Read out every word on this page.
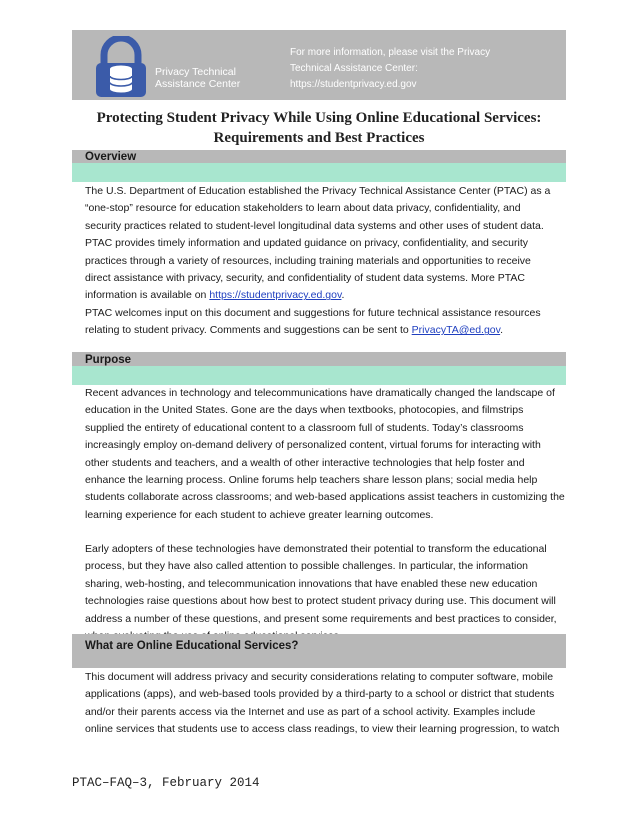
Privacy Technical
Assistance Center
For more information, please visit the Privacy
Technical Assistance Center:
https://studentprivacy.ed.gov
Protecting Student Privacy While Using Online Educational Services:
Requirements and Best Practices
Overview

The U.S. Department of Education established the Privacy Technical Assistance Center (PTAC) as a
“one-stop” resource for education stakeholders to learn about data privacy, confidentiality, and
security practices related to student-level longitudinal data systems and other uses of student data.
PTAC provides timely information and updated guidance on privacy, confidentiality, and security
practices through a variety of resources, including training materials and opportunities to receive
direct assistance with privacy, security, and confidentiality of student data systems. More PTAC
information is available on https://studentprivacy.ed.gov.

PTAC welcomes input on this document and suggestions for future technical assistance resources
relating to student privacy. Comments and suggestions can be sent to PrivacyTA@ed.gov.

Purpose

Recent advances in technology and telecommunications have dramatically changed the landscape of
education in the United States. Gone are the days when textbooks, photocopies, and filmstrips
supplied the entirety of educational content to a classroom full of students. Today’s classrooms
increasingly employ on-demand delivery of personalized content, virtual forums for interacting with
other students and teachers, and a wealth of other interactive technologies that help foster and
enhance the learning process. Online forums help teachers share lesson plans; social media help
students collaborate across classrooms; and web-based applications assist teachers in customizing the
learning experience for each student to achieve greater learning outcomes.

Early adopters of these technologies have demonstrated their potential to transform the educational
process, but they have also called attention to possible challenges. In particular, the information
sharing, web-hosting, and telecommunication innovations that have enabled these new education
technologies raise questions about how best to protect student privacy during use. This document will
address a number of these questions, and present some requirements and best practices to consider,

What are Online Educational Services?

This document will address privacy and security considerations relating to computer software, mobile
applications (apps), and web-based tools provided by a third-party to a school or district that students
and/or their parents access via the Internet and use as part of a school activity. Examples include
online services that students use to access class readings, to view their learning progression, to watch

PTAC–FAQ–3, February 2014
